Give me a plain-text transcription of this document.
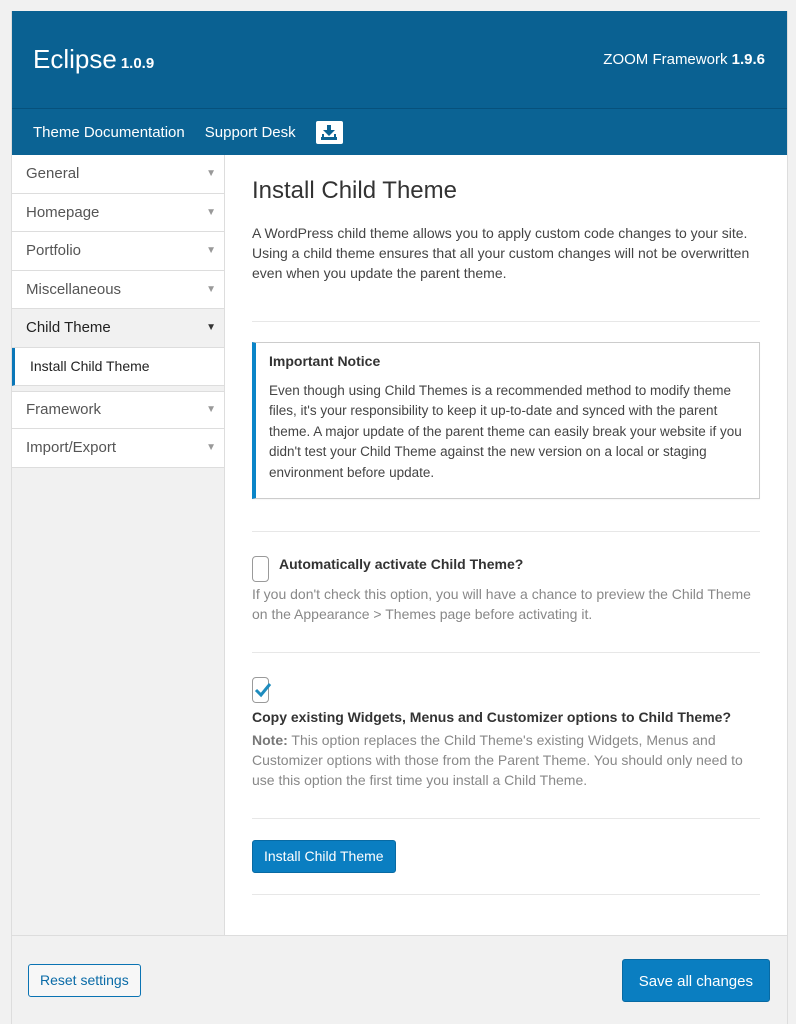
Eclipse 1.0.9	ZOOM Framework 1.9.6
Theme Documentation Support Desk
General	▼
Homepage	▼
Portfolio	▼
Miscellaneous	▼
Child Theme	▼
Install Child Theme
Framework	▼
Import/Export	▼
Install Child Theme

A WordPress child theme allows you to apply custom code changes to your site. Using a child theme ensures that all your custom changes will not be overwritten even when you update the parent theme.

Important Notice

Even though using Child Themes is a recommended method to modify theme files, it's your responsibility to keep it up-to-date and synced with the parent theme. A major update of the parent theme can easily break your website if you didn't test your Child Theme against the new version on a local or staging environment before update.

Automatically activate Child Theme?

If you don't check this option, you will have a chance to preview the Child Theme on the Appearance > Themes page before activating it.

Copy existing Widgets, Menus and Customizer options to Child Theme?

Note: This option replaces the Child Theme's existing Widgets, Menus and Customizer options with those from the Parent Theme. You should only need to use this option the first time you install a Child Theme.

Install Child Theme
Reset settings	Save all changes
